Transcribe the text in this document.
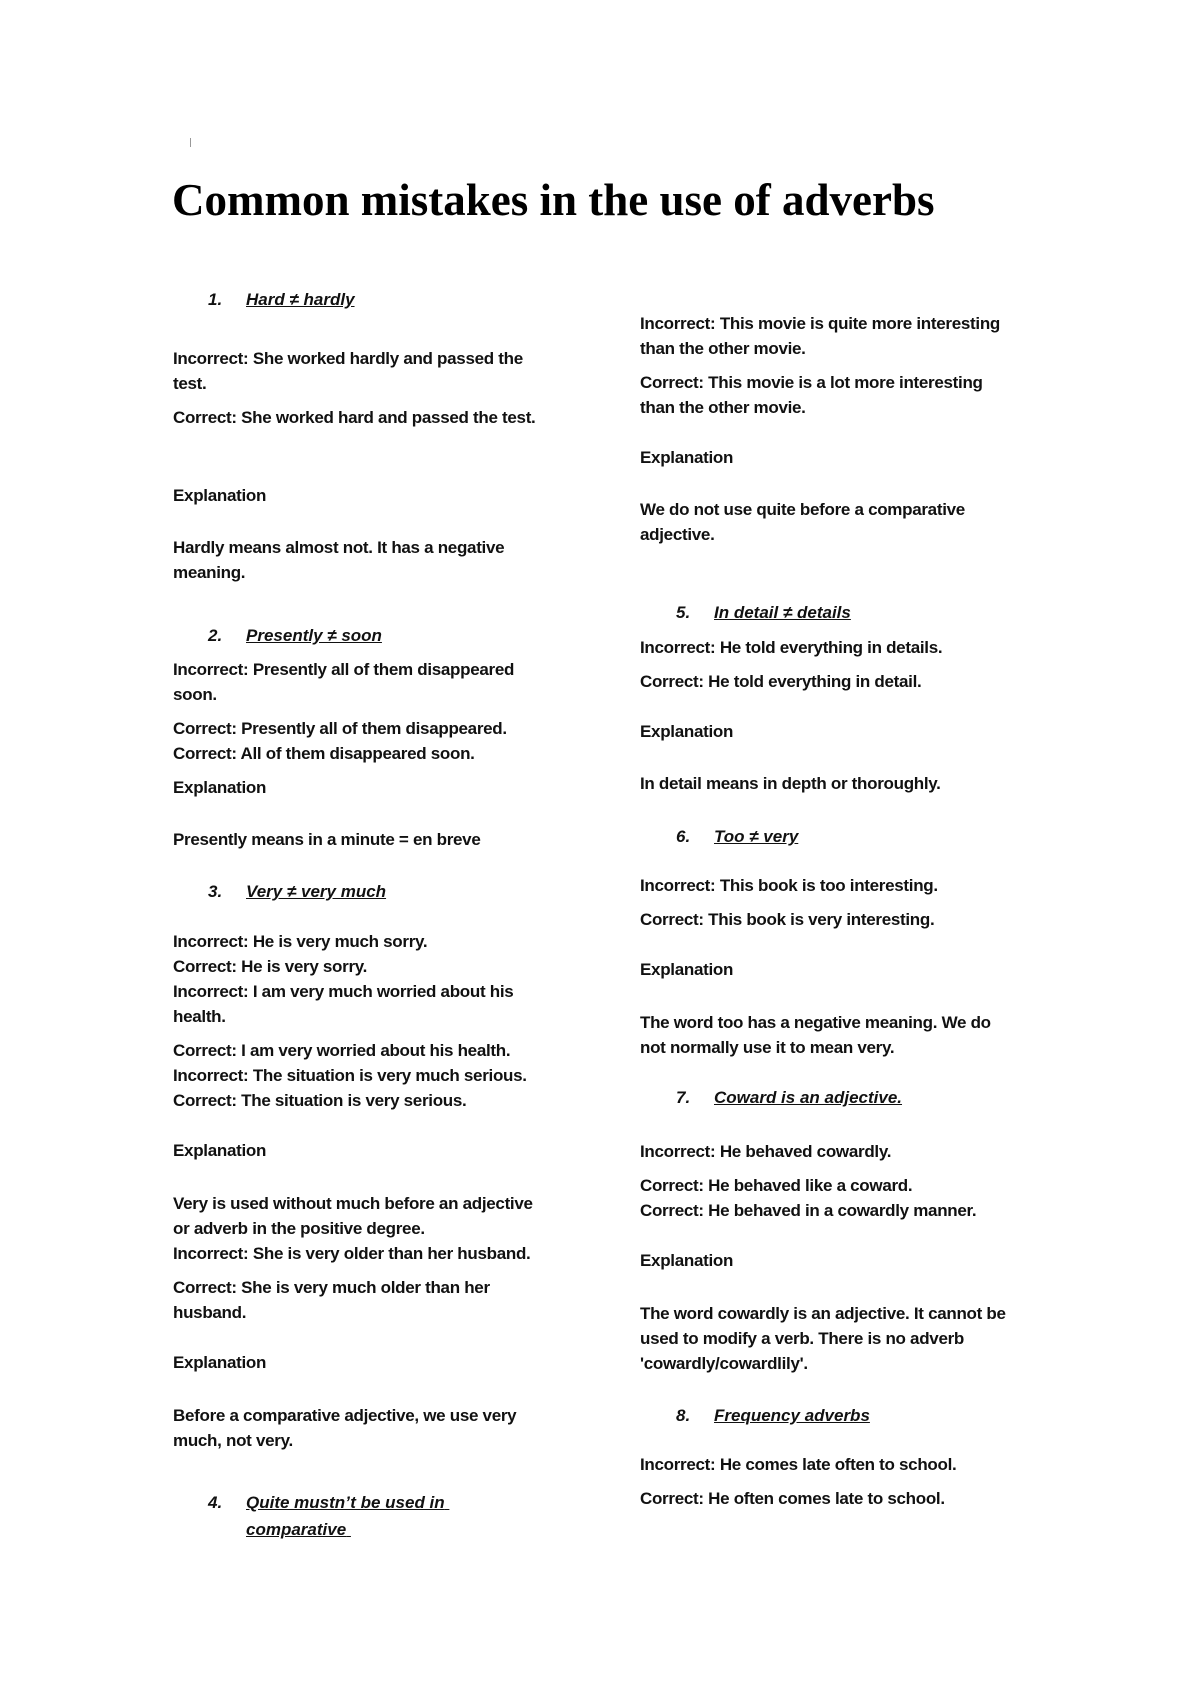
Common mistakes in the use of adverbs
1. Hard ≠ hardly
Incorrect: She worked hardly and passed the
test.
Correct: She worked hard and passed the test.
Explanation
Hardly means almost not. It has a negative
meaning.
2. Presently ≠ soon
Incorrect: Presently all of them disappeared
soon.
Correct: Presently all of them disappeared.
Correct: All of them disappeared soon.
Explanation
Presently means in a minute = en breve
3. Very ≠ very much
Incorrect: He is very much sorry.
Correct: He is very sorry.
Incorrect: I am very much worried about his
health.
Correct: I am very worried about his health.
Incorrect: The situation is very much serious.
Correct: The situation is very serious.
Explanation
Very is used without much before an adjective
or adverb in the positive degree.
Incorrect: She is very older than her husband.
Correct: She is very much older than her
husband.
Explanation
Before a comparative adjective, we use very
much, not very.
4. Quite mustn’t be used in
comparative
Incorrect: This movie is quite more interesting
than the other movie.
Correct: This movie is a lot more interesting
than the other movie.
Explanation
We do not use quite before a comparative
adjective.
5. In detail ≠ details
Incorrect: He told everything in details.
Correct: He told everything in detail.
Explanation
In detail means in depth or thoroughly.
6. Too ≠ very
Incorrect: This book is too interesting.
Correct: This book is very interesting.
Explanation
The word too has a negative meaning. We do
not normally use it to mean very.
7. Coward is an adjective.
Incorrect: He behaved cowardly.
Correct: He behaved like a coward.
Correct: He behaved in a cowardly manner.
Explanation
The word cowardly is an adjective. It cannot be
used to modify a verb. There is no adverb
'cowardly/cowardlily'.
8. Frequency adverbs
Incorrect: He comes late often to school.
Correct: He often comes late to school.
